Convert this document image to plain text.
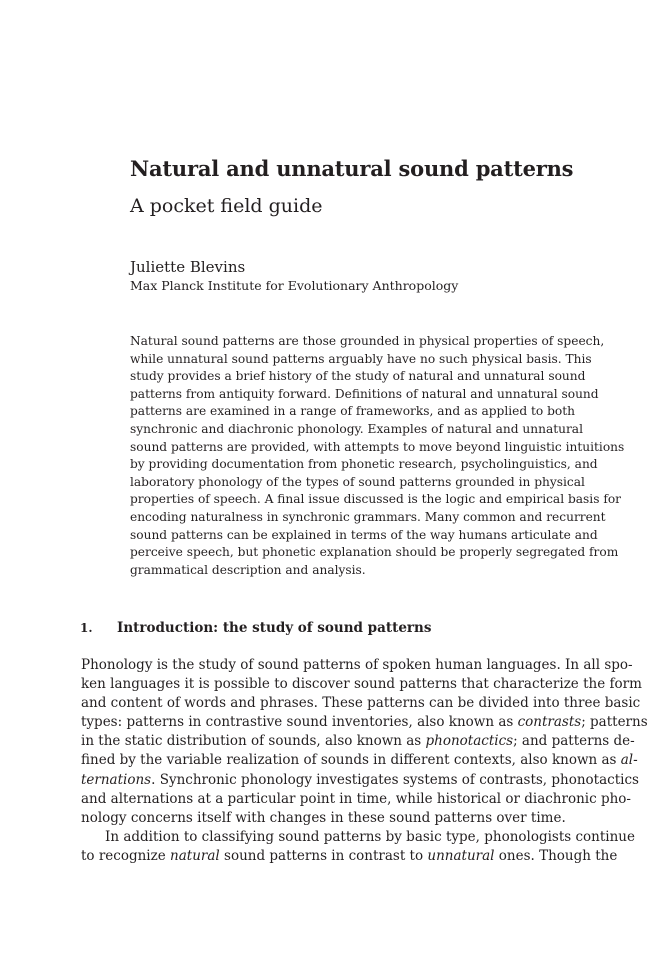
Natural and unnatural sound patterns
A pocket field guide
Juliette Blevins
Max Planck Institute for Evolutionary Anthropology
Natural sound patterns are those grounded in physical properties of speech,
while unnatural sound patterns arguably have no such physical basis. This
study provides a brief history of the study of natural and unnatural sound
patterns from antiquity forward. Definitions of natural and unnatural sound
patterns are examined in a range of frameworks, and as applied to both
synchronic and diachronic phonology. Examples of natural and unnatural
sound patterns are provided, with attempts to move beyond linguistic intuitions
by providing documentation from phonetic research, psycholinguistics, and
laboratory phonology of the types of sound patterns grounded in physical
properties of speech. A final issue discussed is the logic and empirical basis for
encoding naturalness in synchronic grammars. Many common and recurrent
sound patterns can be explained in terms of the way humans articulate and
perceive speech, but phonetic explanation should be properly segregated from
grammatical description and analysis.
1. Introduction: the study of sound patterns
Phonology is the study of sound patterns of spoken human languages. In all spo-
ken languages it is possible to discover sound patterns that characterize the form
and content of words and phrases. These patterns can be divided into three basic
types: patterns in contrastive sound inventories, also known as contrasts; patterns
in the static distribution of sounds, also known as phonotactics; and patterns de-
fined by the variable realization of sounds in different contexts, also known as al-
ternations. Synchronic phonology investigates systems of contrasts, phonotactics
and alternations at a particular point in time, while historical or diachronic pho-
nology concerns itself with changes in these sound patterns over time.
In addition to classifying sound patterns by basic type, phonologists continue
to recognize natural sound patterns in contrast to unnatural ones. Though the
